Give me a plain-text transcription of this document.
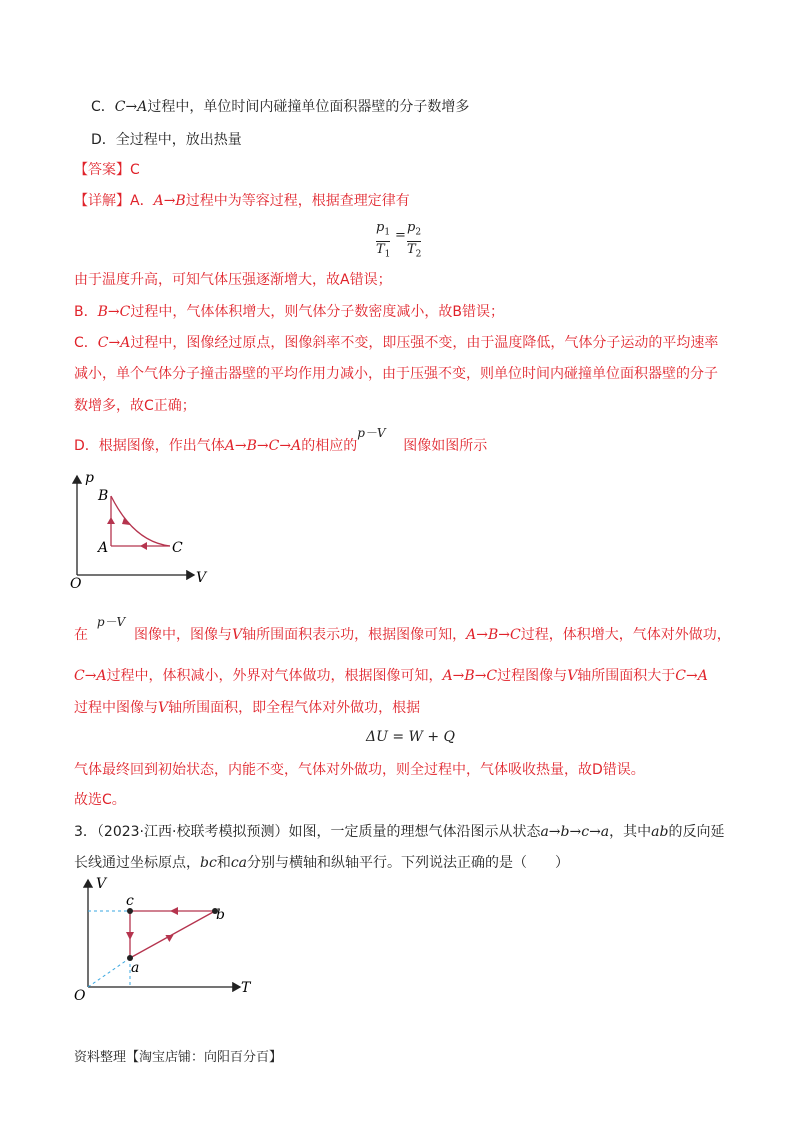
C．C→A过程中，单位时间内碰撞单位面积器壁的分子数增多
D．全过程中，放出热量
【答案】C
【详解】A．A→B过程中为等容过程，根据查理定律有
$\frac{p_1}{T_1} = \frac{p_2}{T_2}$
由于温度升高，可知气体压强逐渐增大，故A错误；
B．B→C过程中，气体体积增大，则气体分子数密度减小，故B错误；
C．C→A过程中，图像经过原点，图像斜率不变，即压强不变，由于温度降低，气体分子运动的平均速率
减小，单个气体分子撞击器壁的平均作用力减小，由于压强不变，则单位时间内碰撞单位面积器壁的分子
数增多，故C正确；
D．根据图像，作出气体A→B→C→A的相应的p－V图像如图所示
p
V
O
B
A	C
在p－V图像中，图像与V轴所围面积表示功，根据图像可知，A→B→C过程，体积增大，气体对外做功，
C→A过程中，体积减小，外界对气体做功，根据图像可知，A→B→C过程图像与V轴所围面积大于C→A
过程中图像与V轴所围面积，即全程气体对外做功，根据
ΔU = W + Q
气体最终回到初始状态，内能不变，气体对外做功，则全过程中，气体吸收热量，故D错误。
故选C。
3．（2023·江西·校联考模拟预测）如图，一定质量的理想气体沿图示从状态a→b→c→a，其中ab的反向延
长线通过坐标原点，bc和ca分别与横轴和纵轴平行。下列说法正确的是（　　）
V
T
O
a
b
c
资料整理【淘宝店铺：向阳百分百】
